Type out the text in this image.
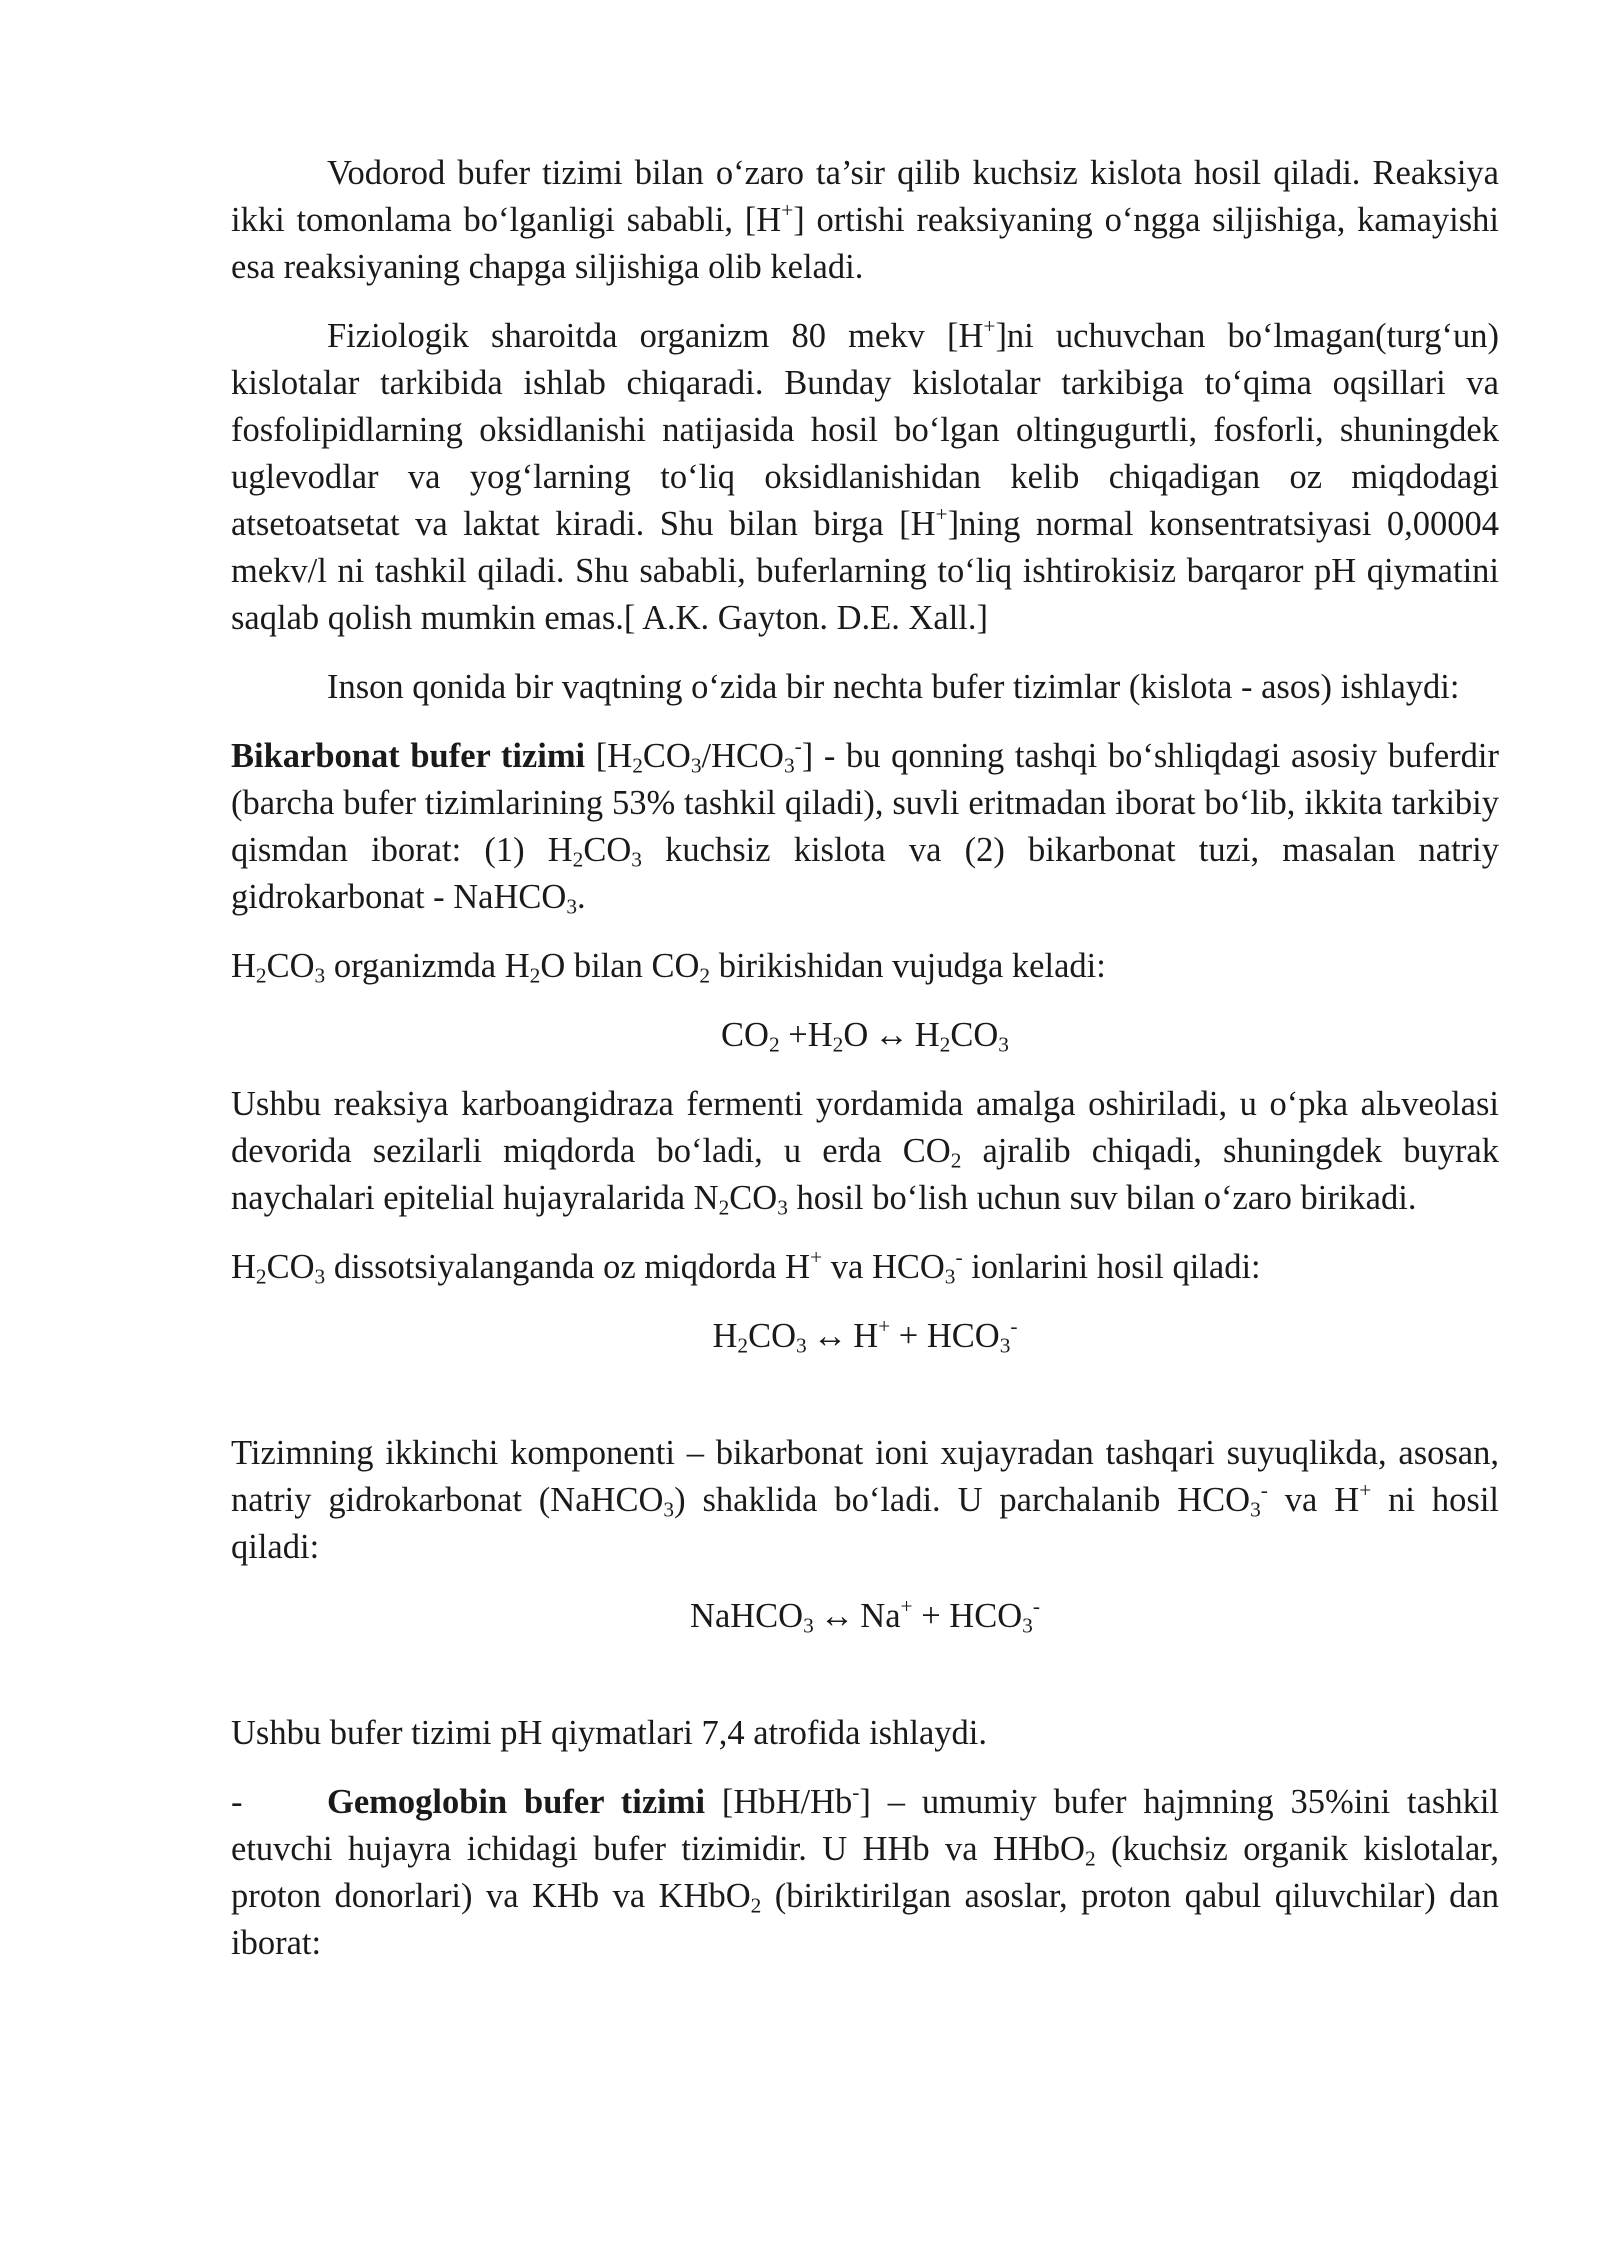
Vodorod bufer tizimi bilan o‘zaro ta’sir qilib kuchsiz kislota hosil qiladi. Reaksiya ikki tomonlama bo‘lganligi sababli, [H+] ortishi reaksiyaning o‘ngga siljishiga, kamayishi esa reaksiyaning chapga siljishiga olib keladi.

Fiziologik sharoitda organizm 80 mekv [H+]ni uchuvchan bo‘lmagan(turg‘un) kislotalar tarkibida ishlab chiqaradi. Bunday kislotalar tarkibiga to‘qima oqsillari va fosfolipidlarning oksidlanishi natijasida hosil bo‘lgan oltingugurtli, fosforli, shuningdek uglevodlar va yog‘larning to‘liq oksidlanishidan kelib chiqadigan oz miqdodagi atsetoatsetat va laktat kiradi. Shu bilan birga [H+]ning normal konsentratsiyasi 0,00004 mekv/l ni tashkil qiladi. Shu sababli, buferlarning to‘liq ishtirokisiz barqaror pH qiymatini saqlab qolish mumkin emas.[ A.K. Gayton. D.E. Xall.]

Inson qonida bir vaqtning o‘zida bir nechta bufer tizimlar (kislota - asos) ishlaydi:

Bikarbonat bufer tizimi $[H_2CO_3/HCO_3^-]$ - bu qonning tashqi bo‘shliqdagi asosiy buferdir (barcha bufer tizimlarining 53% tashkil qiladi), suvli eritmadan iborat bo‘lib, ikkita tarkibiy qismdan iborat: (1) $H_2CO_3$ kuchsiz kislota va (2) bikarbonat tuzi, masalan natriy gidrokarbonat - NaHCO$_3$.

$H_2CO_3$ organizmda $H_2O$ bilan $CO_2$ birikishidan vujudga keladi:

$CO_2 +H_2O$ ↔ $H_2CO_3$

Ushbu reaksiya karboangidraza fermenti yordamida amalga oshiriladi, u o‘pka alьveolasi devorida sezilarli miqdorda bo‘ladi, u erda $CO_2$ ajralib chiqadi, shuningdek buyrak naychalari epitelial hujayralarida $N_2CO_3$ hosil bo‘lish uchun suv bilan o‘zaro birikadi.

$H_2CO_3$ dissotsiyalanganda oz miqdorda H+ va $HCO_3^-$ ionlarini hosil qiladi:

$H_2CO_3$ ↔ $H^+ + HCO_3^-$

Tizimning ikkinchi komponenti – bikarbonat ioni xujayradan tashqari suyuqlikda, asosan, natriy gidrokarbonat (NaHCO$_3$) shaklida bo‘ladi. U parchalanib $HCO_3^-$ va H+ ni hosil qiladi:

NaHCO$_3$ ↔ $Na^+ + HCO_3^-$

Ushbu bufer tizimi pH qiymatlari 7,4 atrofida ishlaydi.

- Gemoglobin bufer tizimi [HbH/Hb-] – umumiy bufer hajmning 35%ini tashkil etuvchi hujayra ichidagi bufer tizimidir. U HHb va HHbO$_2$ (kuchsiz organik kislotalar, proton donorlari) va KHb va KHbO$_2$ (biriktirilgan asoslar, proton qabul qiluvchilar) dan iborat:
